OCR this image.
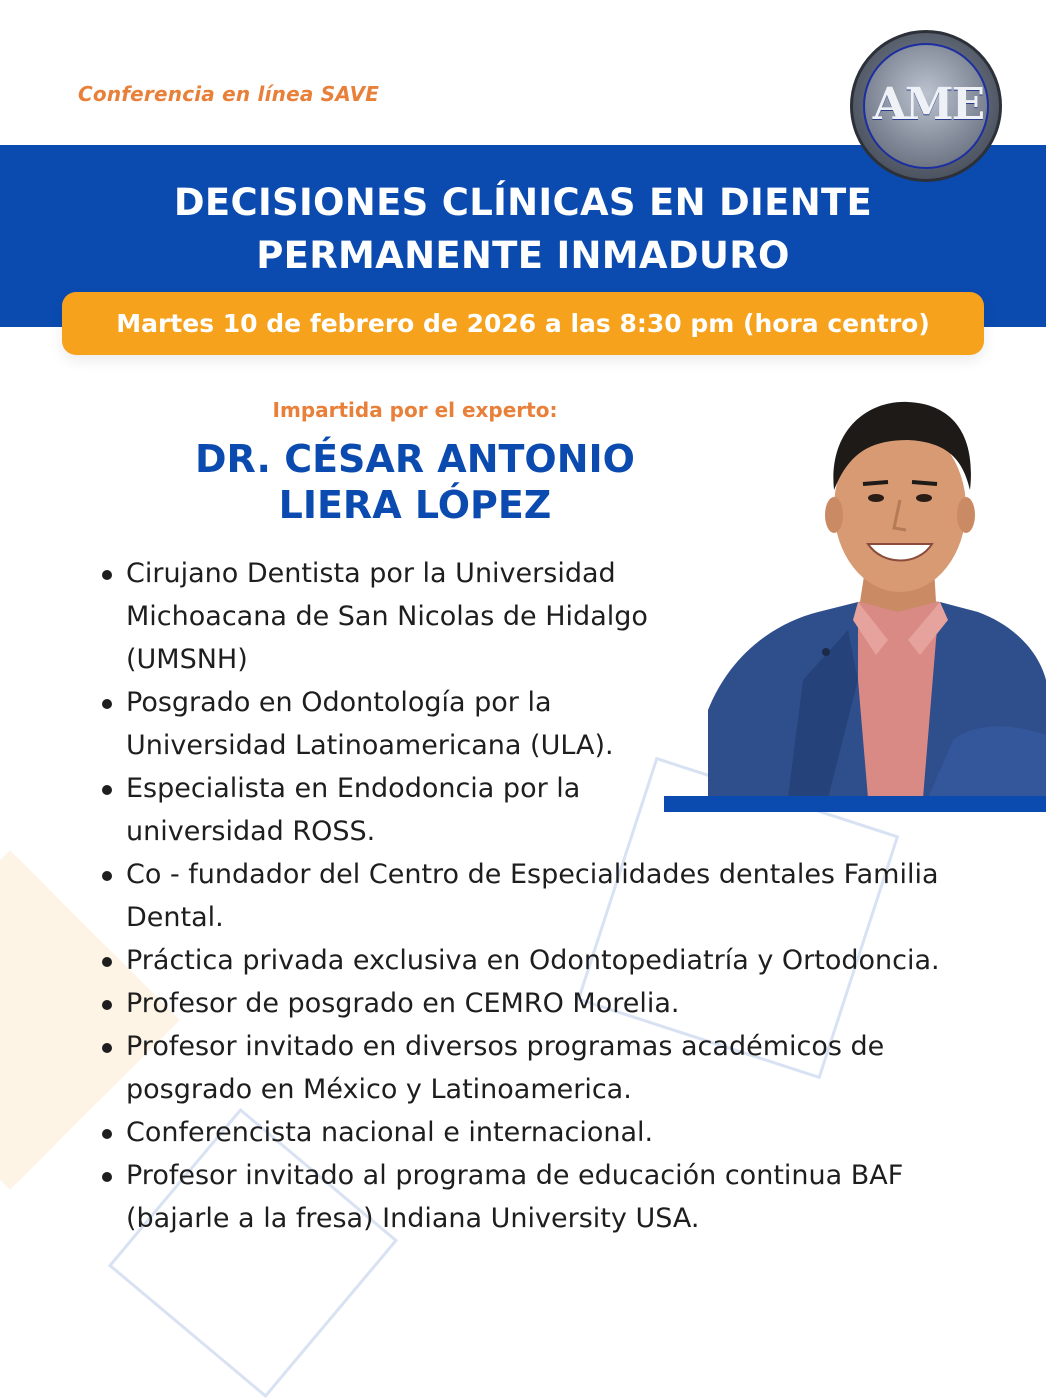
Conferencia en línea SAVE
DECISIONES CLÍNICAS EN DIENTE
PERMANENTE INMADURO
AME
Martes 10 de febrero de 2026 a las 8:30 pm (hora centro)
Impartida por el experto:
DR. CÉSAR ANTONIO
LIERA LÓPEZ
Cirujano Dentista por la Universidad Michoacana de San Nicolas de Hidalgo (UMSNH)
Posgrado en Odontología por la Universidad Latinoamericana (ULA).
Especialista en Endodoncia por la universidad ROSS.
Co - fundador del Centro de Especialidades dentales Familia Dental.
Práctica privada exclusiva en Odontopediatría y Ortodoncia.
Profesor de posgrado en CEMRO Morelia.
Profesor invitado en diversos programas académicos de posgrado en México y Latinoamerica.
Conferencista nacional e internacional.
Profesor invitado al programa de educación continua BAF (bajarle a la fresa) Indiana University USA.
